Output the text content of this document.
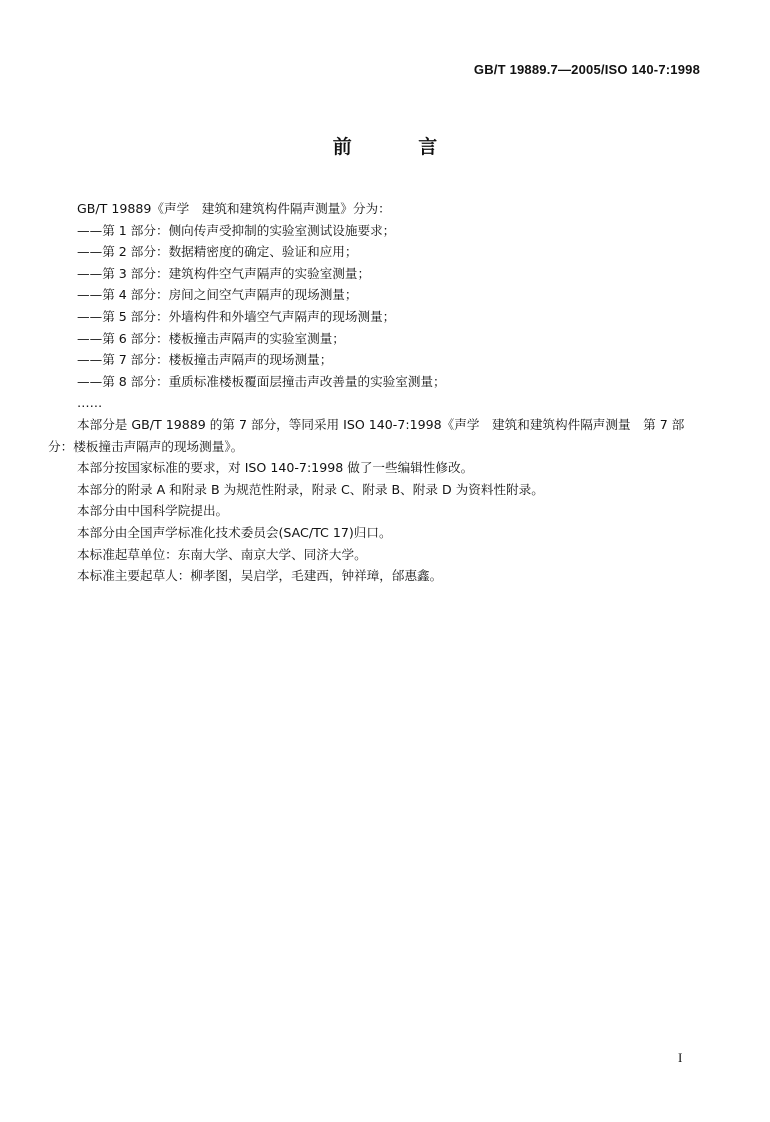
GB/T 19889.7—2005/ISO 140-7:1998
前 言
GB/T 19889《声学　建筑和建筑构件隔声测量》分为：
——第 1 部分：侧向传声受抑制的实验室测试设施要求；
——第 2 部分：数据精密度的确定、验证和应用；
——第 3 部分：建筑构件空气声隔声的实验室测量；
——第 4 部分：房间之间空气声隔声的现场测量；
——第 5 部分：外墙构件和外墙空气声隔声的现场测量；
——第 6 部分：楼板撞击声隔声的实验室测量；
——第 7 部分：楼板撞击声隔声的现场测量；
——第 8 部分：重质标准楼板覆面层撞击声改善量的实验室测量；
……
本部分是 GB/T 19889 的第 7 部分，等同采用 ISO 140-7:1998《声学　建筑和建筑构件隔声测量　第 7 部分：楼板撞击声隔声的现场测量》。
本部分按国家标准的要求，对 ISO 140-7:1998 做了一些编辑性修改。
本部分的附录 A 和附录 B 为规范性附录，附录 C、附录 B、附录 D 为资料性附录。
本部分由中国科学院提出。
本部分由全国声学标准化技术委员会(SAC/TC 17)归口。
本标准起草单位：东南大学、南京大学、同济大学。
本标准主要起草人：柳孝图，吴启学，毛建西，钟祥璋，邰惠鑫。
I
